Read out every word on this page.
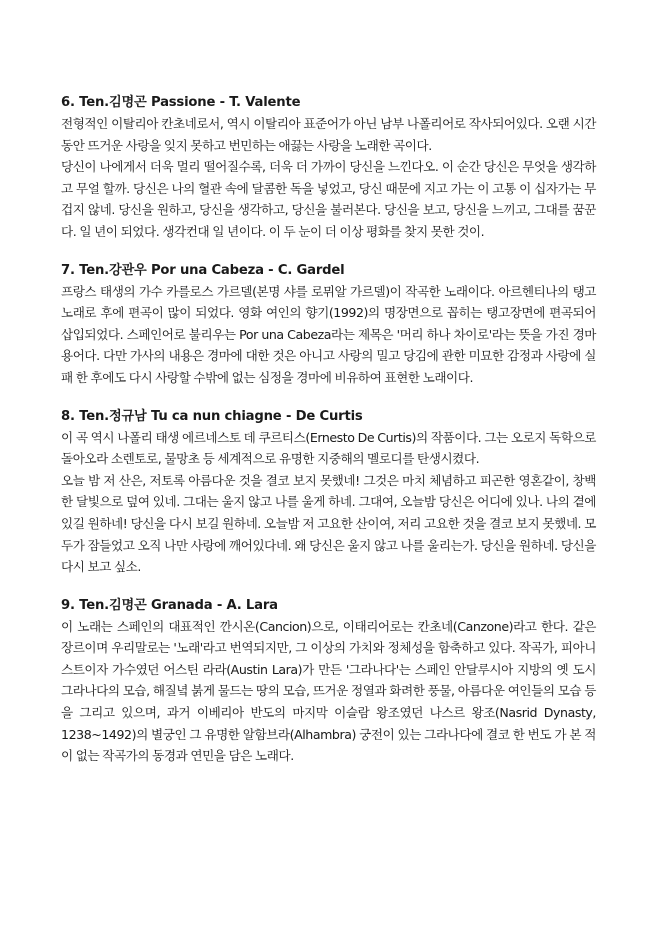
6. Ten.김명곤 Passione - T. Valente

전형적인 이탈리아 칸초네로서, 역시 이탈리아 표준어가 아닌 남부 나폴리어로 작사되어있다. 오랜 시간동안 뜨거운 사랑을 잊지 못하고 번민하는 애끓는 사랑을 노래한 곡이다.

당신이 나에게서 더욱 멀리 떨어질수록, 더욱 더 가까이 당신을 느낀다오. 이 순간 당신은 무엇을 생각하고 무얼 할까. 당신은 나의 혈관 속에 달콤한 독을 넣었고, 당신 때문에 지고 가는 이 고통 이 십자가는 무겁지 않네. 당신을 원하고, 당신을 생각하고, 당신을 불러본다. 당신을 보고, 당신을 느끼고, 그대를 꿈꾼다. 일 년이 되었다. 생각컨대 일 년이다. 이 두 눈이 더 이상 평화를 찾지 못한 것이.

7. Ten.강관우 Por una Cabeza - C. Gardel

프랑스 태생의 가수 카를로스 가르델(본명 샤를 로뮈알 가르델)이 작곡한 노래이다. 아르헨티나의 탱고 노래로 후에 편곡이 많이 되었다. 영화 여인의 향기(1992)의 명장면으로 꼽히는 탱고장면에 편곡되어 삽입되었다. 스페인어로 불리우는 Por una Cabeza라는 제목은 '머리 하나 차이로'라는 뜻을 가진 경마 용어다. 다만 가사의 내용은 경마에 대한 것은 아니고 사랑의 밀고 당김에 관한 미묘한 감정과 사랑에 실패 한 후에도 다시 사랑할 수밖에 없는 심정을 경마에 비유하여 표현한 노래이다.

8. Ten.정규남 Tu ca nun chiagne - De Curtis

이 곡 역시 나폴리 태생 에르네스토 데 쿠르티스(Ernesto De Curtis)의 작품이다. 그는 오로지 독학으로 돌아오라 소렌토로, 물망초 등 세계적으로 유명한 지중해의 멜로디를 탄생시켰다.

오늘 밤 저 산은, 저토록 아름다운 것을 결코 보지 못했네! 그것은 마치 체념하고 피곤한 영혼같이, 창백한 달빛으로 덮여 있네. 그대는 울지 않고 나를 울게 하네. 그대여, 오늘밤 당신은 어디에 있나. 나의 곁에 있길 원하네! 당신을 다시 보길 원하네. 오늘밤 저 고요한 산이여, 저리 고요한 것을 결코 보지 못했네. 모두가 잠들었고 오직 나만 사랑에 깨어있다네. 왜 당신은 울지 않고 나를 울리는가. 당신을 원하네. 당신을 다시 보고 싶소.

9. Ten.김명곤 Granada - A. Lara

이 노래는 스페인의 대표적인 깐시온(Cancion)으로, 이태리어로는 칸초네(Canzone)라고 한다. 같은 장르이며 우리말로는 '노래'라고 번역되지만, 그 이상의 가치와 정체성을 함축하고 있다. 작곡가, 피아니스트이자 가수였던 어스틴 라라(Austin Lara)가 만든 '그라나다'는 스페인 안달루시아 지방의 옛 도시 그라나다의 모습, 해질녘 붉게 물드는 땅의 모습, 뜨거운 정열과 화려한 풍물, 아름다운 여인들의 모습 등을 그리고 있으며, 과거 이베리아 반도의 마지막 이슬람 왕조였던 나스르 왕조(Nasrid Dynasty, 1238~1492)의 별궁인 그 유명한 알함브라(Alhambra) 궁전이 있는 그라나다에 결코 한 번도 가 본 적이 없는 작곡가의 동경과 연민을 담은 노래다.
